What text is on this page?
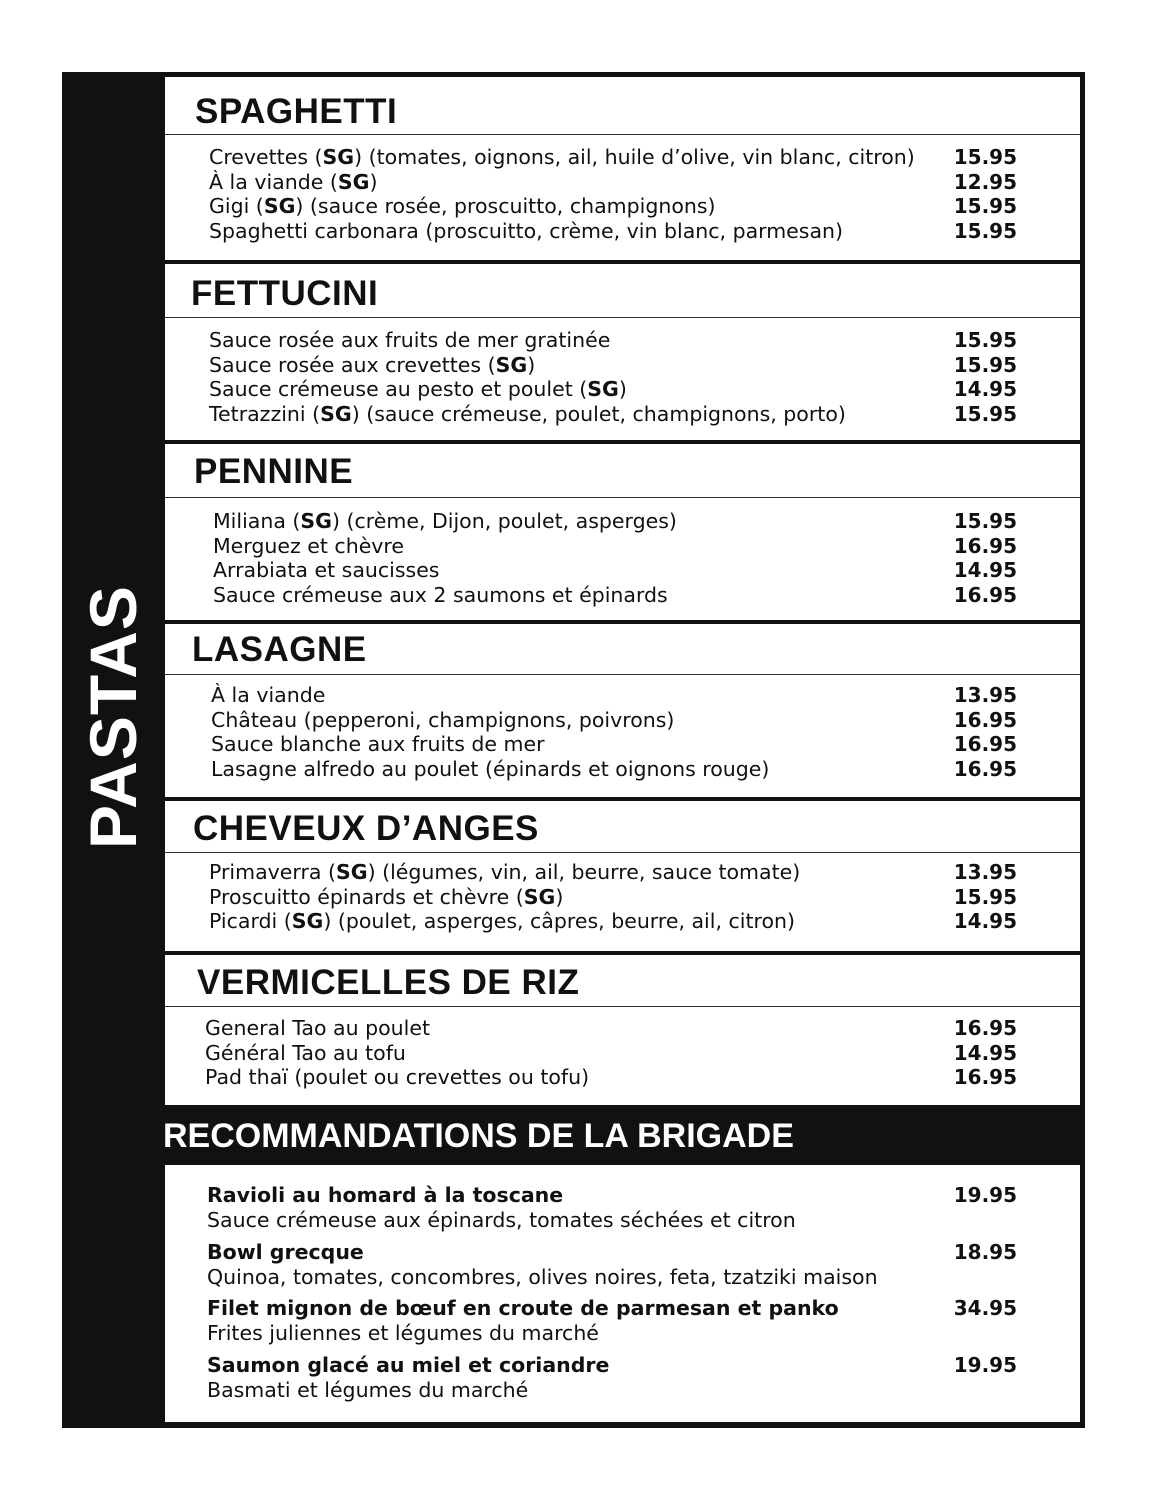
PASTAS
SPAGHETTI
Crevettes (SG) (tomates, oignons, ail, huile d’olive, vin blanc, citron)	15.95
À la viande (SG)	12.95
Gigi (SG) (sauce rosée, proscuitto, champignons)	15.95
Spaghetti carbonara (proscuitto, crème, vin blanc, parmesan)	15.95
FETTUCINI
Sauce rosée aux fruits de mer gratinée	15.95
Sauce rosée aux crevettes (SG)	15.95
Sauce crémeuse au pesto et poulet (SG)	14.95
Tetrazzini (SG) (sauce crémeuse, poulet, champignons, porto)	15.95
PENNINE
Miliana (SG) (crème, Dijon, poulet, asperges)	15.95
Merguez et chèvre	16.95
Arrabiata et saucisses	14.95
Sauce crémeuse aux 2 saumons et épinards	16.95
LASAGNE
À la viande	13.95
Château (pepperoni, champignons, poivrons)	16.95
Sauce blanche aux fruits de mer	16.95
Lasagne alfredo au poulet (épinards et oignons rouge)	16.95
CHEVEUX D’ANGES
Primaverra (SG) (légumes, vin, ail, beurre, sauce tomate)	13.95
Proscuitto épinards et chèvre (SG)	15.95
Picardi (SG) (poulet, asperges, câpres, beurre, ail, citron)	14.95
VERMICELLES DE RIZ
General Tao au poulet	16.95
Général Tao au tofu	14.95
Pad thaï (poulet ou crevettes ou tofu)	16.95
RECOMMANDATIONS DE LA BRIGADE
Ravioli au homard à la toscane
Sauce crémeuse aux épinards, tomates séchées et citron
19.95
Bowl grecque
Quinoa, tomates, concombres, olives noires, feta, tzatziki maison
18.95
Filet mignon de bœuf en croute de parmesan et panko
Frites juliennes et légumes du marché
34.95
Saumon glacé au miel et coriandre
Basmati et légumes du marché
19.95
